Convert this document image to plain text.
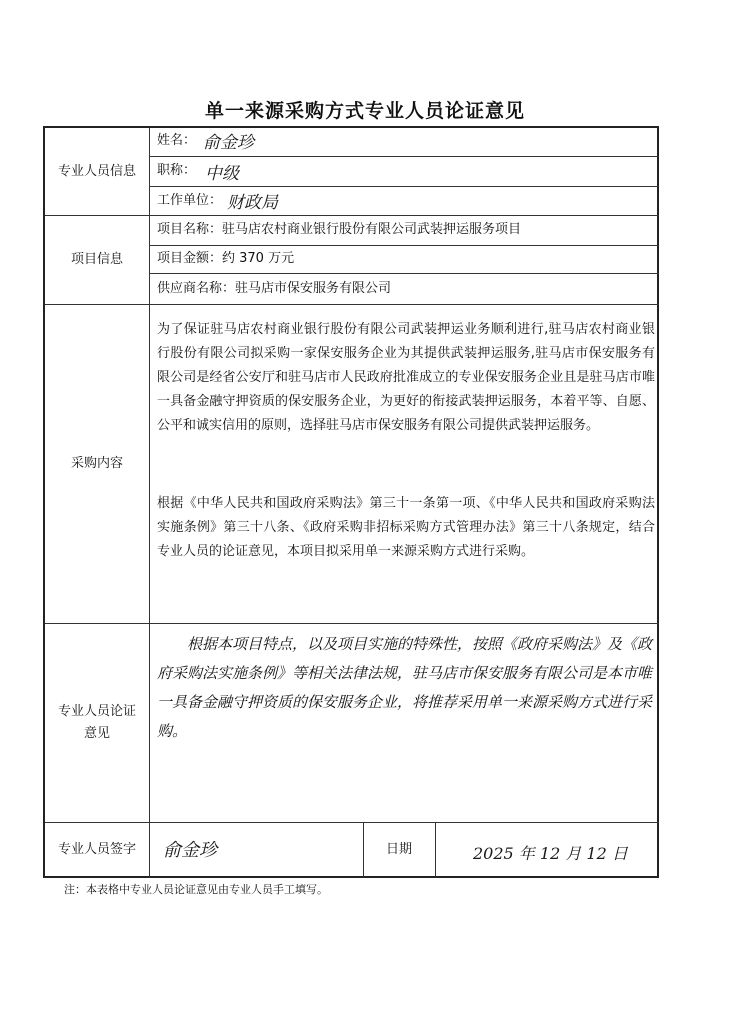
单一来源采购方式专业人员论证意见
专业人员信息
姓名： 俞金珍
职称： 中级
工作单位： 财政局
项目信息
项目名称：驻马店农村商业银行股份有限公司武装押运服务项目
项目金额：约 370 万元
供应商名称：驻马店市保安服务有限公司
采购内容
为了保证驻马店农村商业银行股份有限公司武装押运业务顺利进行,驻马店农村商业银行股份有限公司拟采购一家保安服务企业为其提供武装押运服务,驻马店市保安服务有限公司是经省公安厅和驻马店市人民政府批准成立的专业保安服务企业且是驻马店市唯一具备金融守押资质的保安服务企业，为更好的衔接武装押运服务，本着平等、自愿、公平和诚实信用的原则，选择驻马店市保安服务有限公司提供武装押运服务。
根据《中华人民共和国政府采购法》第三十一条第一项、《中华人民共和国政府采购法实施条例》第三十八条、《政府采购非招标采购方式管理办法》第三十八条规定，结合专业人员的论证意见，本项目拟采用单一来源采购方式进行采购。
专业人员论证
意见
根据本项目特点，以及项目实施的特殊性，按照《政府采购法》及《政府采购法实施条例》等相关法律法规，驻马店市保安服务有限公司是本市唯一具备金融守押资质的保安服务企业，将推荐采用单一来源采购方式进行采购。
专业人员签字	俞金珍	日期	2025 年 12 月 12 日
注：本表格中专业人员论证意见由专业人员手工填写。
